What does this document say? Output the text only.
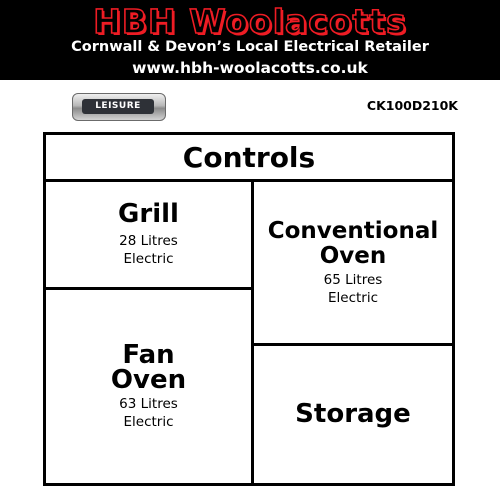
HBH Woolacotts
Cornwall & Devon’s Local Electrical Retailer
www.hbh-woolacotts.co.uk
LEISURE	CK100D210K
Controls
Grill
28 Litres
Electric
Conventional
Oven
65 Litres
Electric
Fan
Oven
63 Litres
Electric	Storage
